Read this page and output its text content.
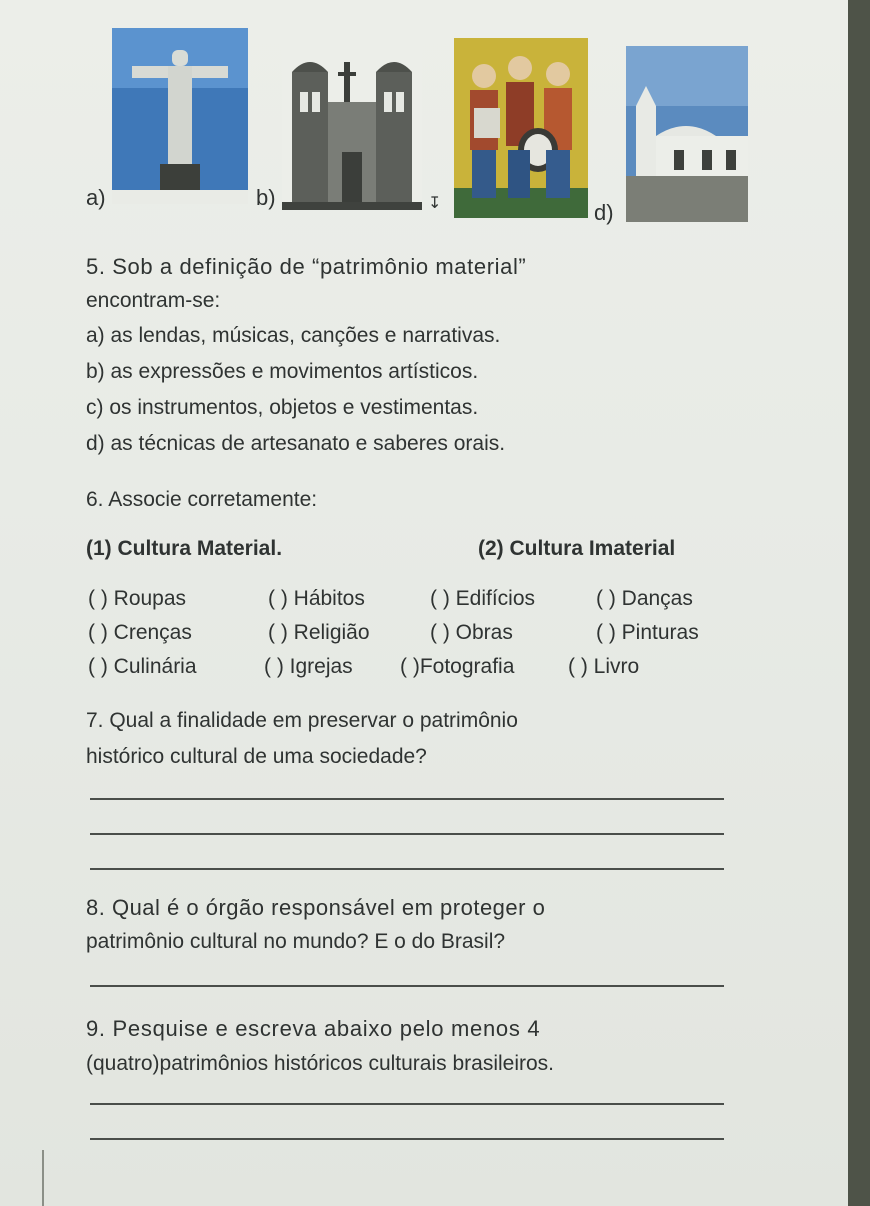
a)	b)	↧	d)
5. Sob a definição de “patrimônio material”
encontram-se:
a) as lendas, músicas, canções e narrativas.
b) as expressões e movimentos artísticos.
c) os instrumentos, objetos e vestimentas.
d) as técnicas de artesanato e saberes orais.
6. Associe corretamente:
(1) Cultura Material.	(2) Cultura Imaterial
( ) Roupas	( ) Hábitos	( ) Edifícios	( ) Danças
( ) Crenças	( ) Religião	( ) Obras	( ) Pinturas
( ) Culinária	( ) Igrejas ( )Fotografia	( ) Livro
7. Qual a finalidade em preservar o patrimônio
histórico cultural de uma sociedade?
8. Qual é o órgão responsável em proteger o
patrimônio cultural no mundo? E o do Brasil?
9. Pesquise e escreva abaixo pelo menos 4
(quatro)patrimônios históricos culturais brasileiros.
